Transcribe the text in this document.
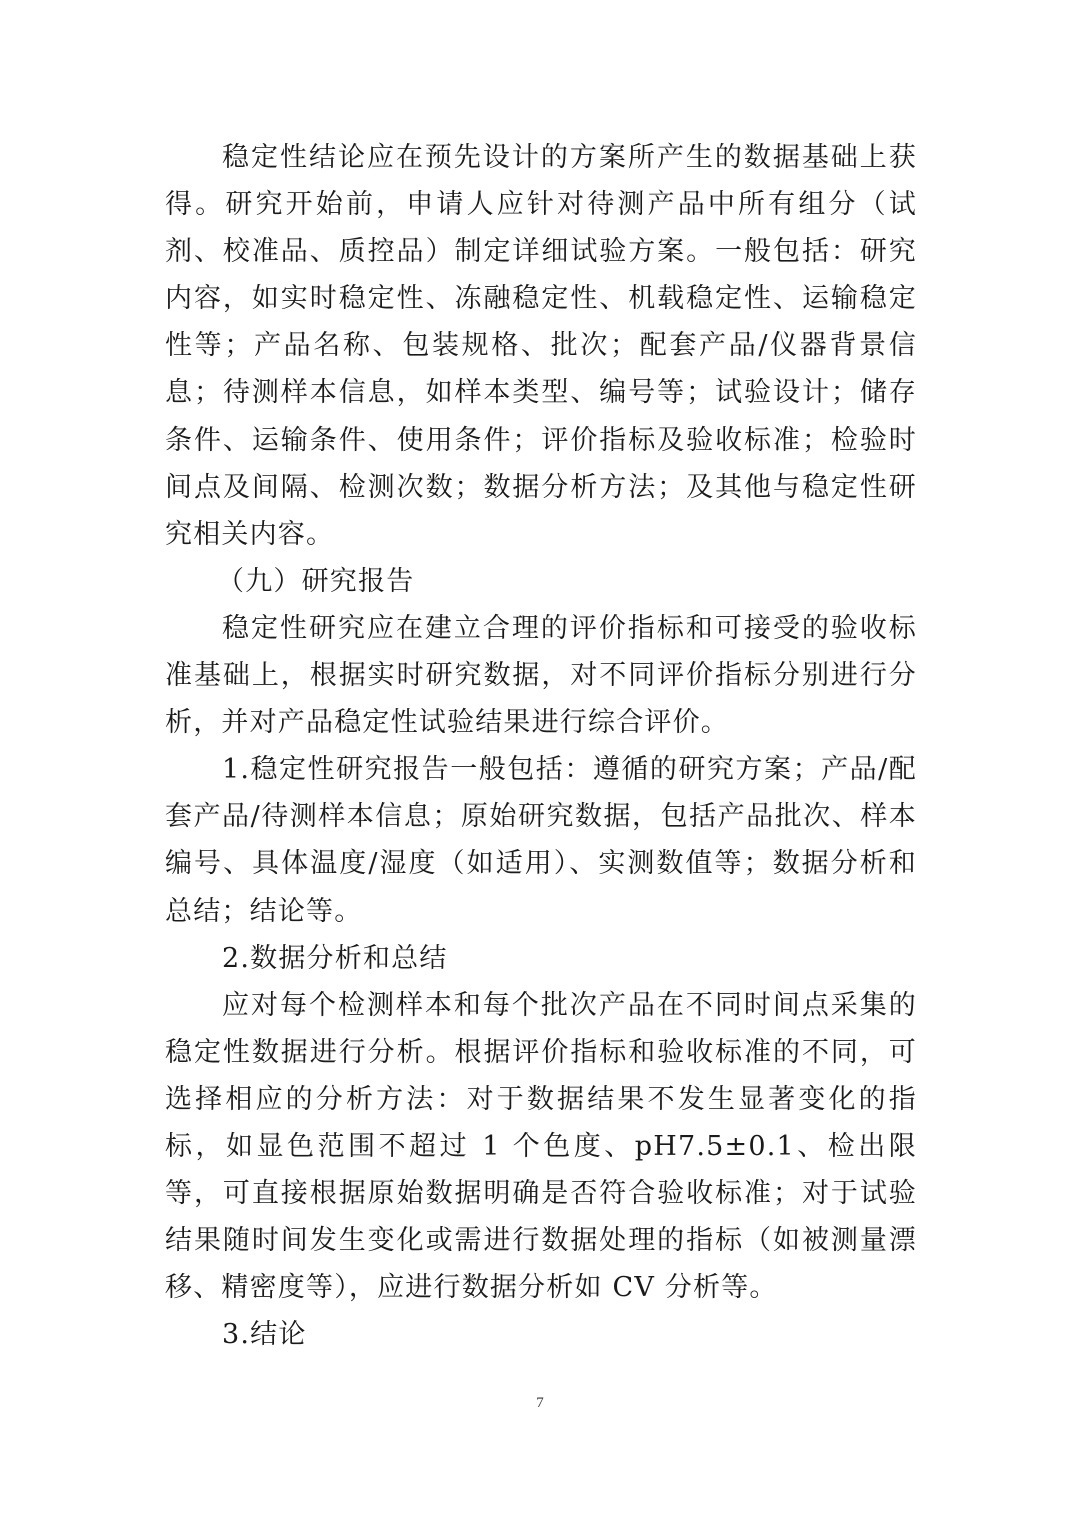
稳定性结论应在预先设计的方案所产生的数据基础上获得。研究开始前，申请人应针对待测产品中所有组分（试剂、校准品、质控品）制定详细试验方案。一般包括：研究内容，如实时稳定性、冻融稳定性、机载稳定性、运输稳定性等；产品名称、包装规格、批次；配套产品/仪器背景信息；待测样本信息，如样本类型、编号等；试验设计；储存条件、运输条件、使用条件；评价指标及验收标准；检验时间点及间隔、检测次数；数据分析方法；及其他与稳定性研究相关内容。

（九）研究报告

稳定性研究应在建立合理的评价指标和可接受的验收标准基础上，根据实时研究数据，对不同评价指标分别进行分析，并对产品稳定性试验结果进行综合评价。

1.稳定性研究报告一般包括：遵循的研究方案；产品/配套产品/待测样本信息；原始研究数据，包括产品批次、样本编号、具体温度/湿度（如适用）、实测数值等；数据分析和总结；结论等。

2.数据分析和总结

应对每个检测样本和每个批次产品在不同时间点采集的稳定性数据进行分析。根据评价指标和验收标准的不同，可选择相应的分析方法：对于数据结果不发生显著变化的指标，如显色范围不超过 1 个色度、pH7.5±0.1、检出限等，可直接根据原始数据明确是否符合验收标准；对于试验结果随时间发生变化或需进行数据处理的指标（如被测量漂移、精密度等），应进行数据分析如 CV 分析等。

3.结论

7
